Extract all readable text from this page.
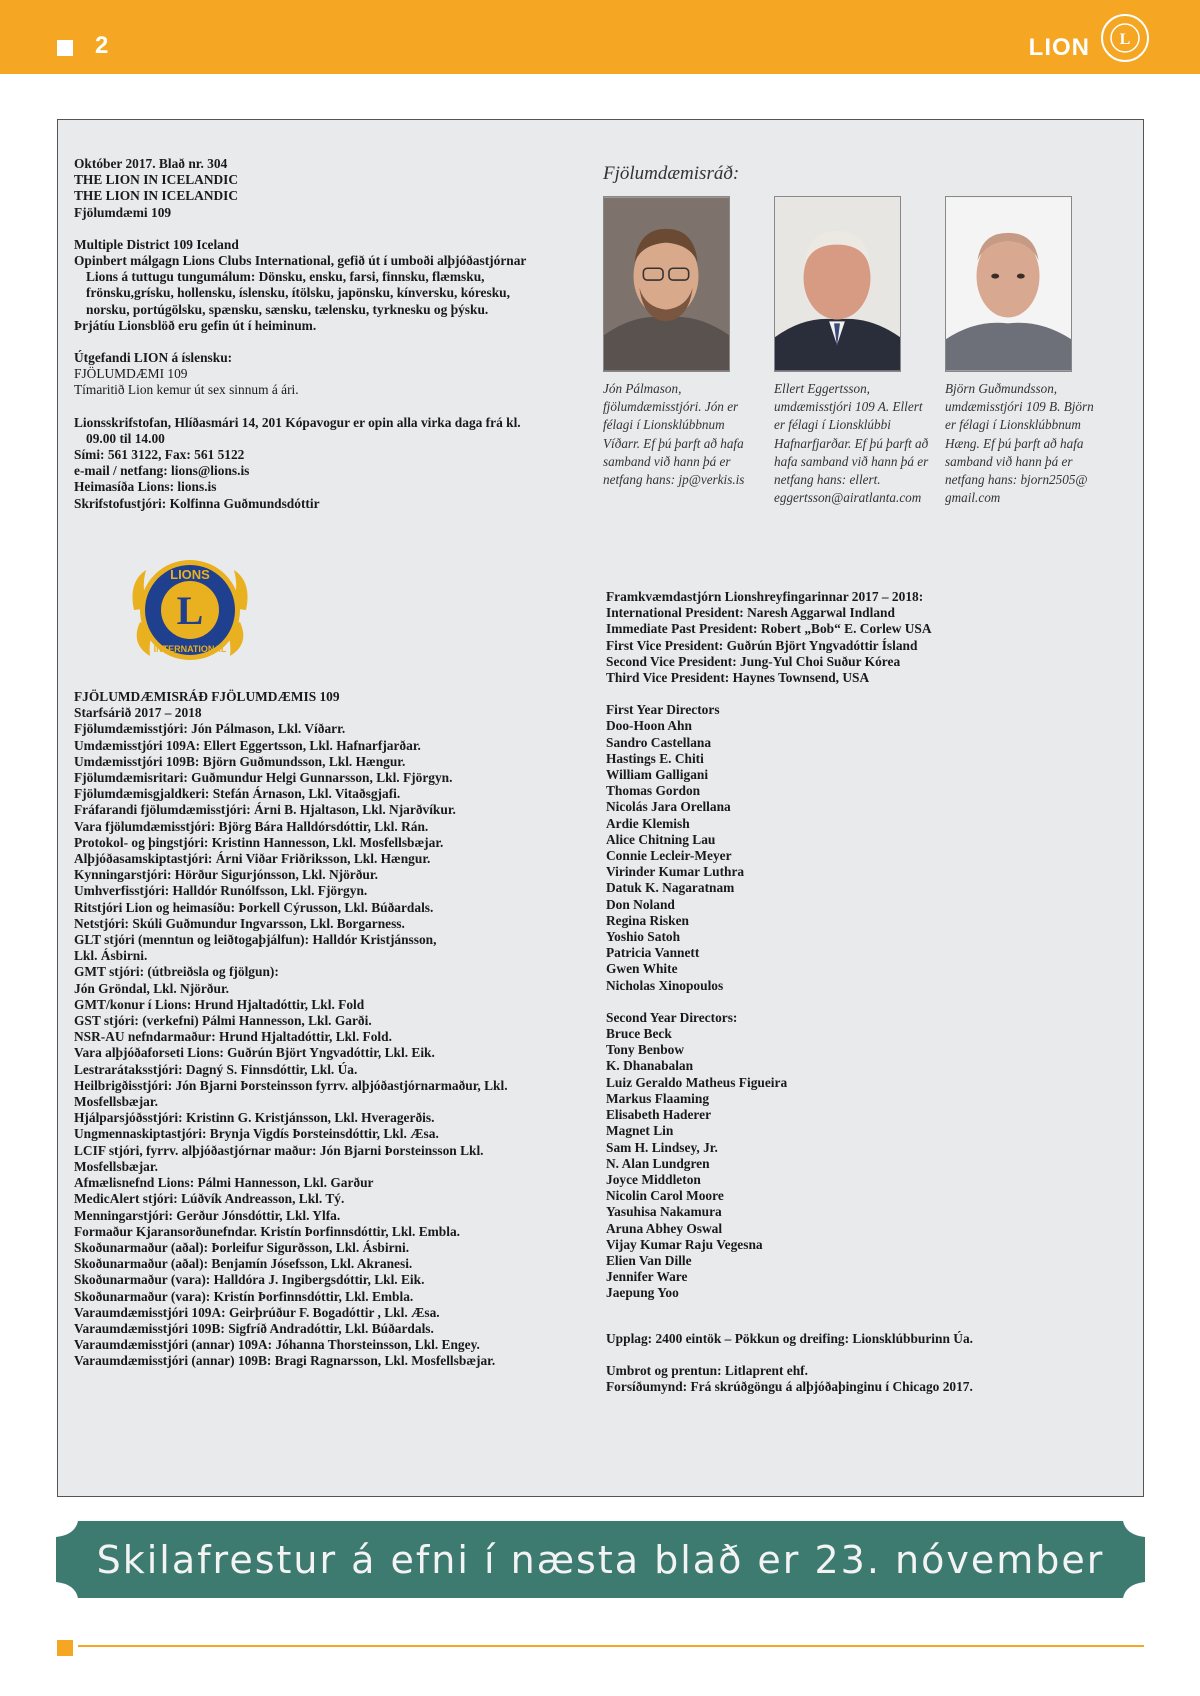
2	LION L
Október 2017. Blað nr. 304
THE LION IN ICELANDIC
THE LION IN ICELANDIC
Fjölumdæmi 109
Multiple District 109 Iceland
Opinbert málgagn Lions Clubs International, gefið út í umboði alþjóðastjórnar
Lions á tuttugu tungumálum: Dönsku, ensku, farsi, finnsku, flæmsku,
frönsku,grísku, hollensku, íslensku, ítölsku, japönsku, kínversku, kóresku,
norsku, portúgölsku, spænsku, sænsku, tælensku, tyrknesku og þýsku.
Þrjátíu Lionsblöð eru gefin út í heiminum.
Útgefandi LION á íslensku:
FJÖLUMDÆMI 109
Tímaritið Lion kemur út sex sinnum á ári.
Lionsskrifstofan, Hlíðasmári 14, 201 Kópavogur er opin alla virka daga frá kl.
09.00 til 14.00
Sími: 561 3122, Fax: 561 5122
e-mail / netfang: lions@lions.is
Heimasíða Lions: lions.is
Skrifstofustjóri: Kolfinna Guðmundsdóttir
Fjölumdæmisráð:
Jón Pálmason, fjölumdæmisstjóri. Jón er félagi í Lionsklúbbnum Víðarr. Ef þú þarft að hafa samband við hann þá er netfang hans: jp@verkis.is
Ellert Eggertsson, umdæmisstjóri 109 A. Ellert er félagi í Lionsklúbbi Hafnarfjarðar. Ef þú þarft að hafa samband við hann þá er netfang hans: ellert. eggertsson@airatlanta.com
Björn Guðmundsson, umdæmisstjóri 109 B. Björn er félagi í Lionsklúbbnum Hæng. Ef þú þarft að hafa samband við hann þá er netfang hans: bjorn2505@ gmail.com
L
LIONS
INTERNATIONAL
FJÖLUMDÆMISRÁÐ FJÖLUMDÆMIS 109
Starfsárið 2017 – 2018
Fjölumdæmisstjóri: Jón Pálmason, Lkl. Víðarr.
Umdæmisstjóri 109A: Ellert Eggertsson, Lkl. Hafnarfjarðar.
Umdæmisstjóri 109B: Björn Guðmundsson, Lkl. Hængur.
Fjölumdæmisritari: Guðmundur Helgi Gunnarsson, Lkl. Fjörgyn.
Fjölumdæmisgjaldkeri: Stefán Árnason, Lkl. Vitaðsgjafi.
Fráfarandi fjölumdæmisstjóri: Árni B. Hjaltason, Lkl. Njarðvíkur.
Vara fjölumdæmisstjóri: Björg Bára Halldórsdóttir, Lkl. Rán.
Protokol- og þingstjóri: Kristinn Hannesson, Lkl. Mosfellsbæjar.
Alþjóðasamskiptastjóri: Árni Viðar Friðriksson, Lkl. Hængur.
Kynningarstjóri: Hörður Sigurjónsson, Lkl. Njörður.
Umhverfisstjóri: Halldór Runólfsson, Lkl. Fjörgyn.
Ritstjóri Lion og heimasíðu: Þorkell Cýrusson, Lkl. Búðardals.
Netstjóri: Skúli Guðmundur Ingvarsson, Lkl. Borgarness.
GLT stjóri (menntun og leiðtogaþjálfun): Halldór Kristjánsson,
Lkl. Ásbirni.
GMT stjóri: (útbreiðsla og fjölgun):
Jón Gröndal, Lkl. Njörður.
GMT/konur í Lions: Hrund Hjaltadóttir, Lkl. Fold
GST stjóri: (verkefni) Pálmi Hannesson, Lkl. Garði.
NSR-AU nefndarmaður: Hrund Hjaltadóttir, Lkl. Fold.
Vara alþjóðaforseti Lions: Guðrún Björt Yngvadóttir, Lkl. Eik.
Lestrarátaksstjóri: Dagný S. Finnsdóttir, Lkl. Úa.
Heilbrigðisstjóri: Jón Bjarni Þorsteinsson fyrrv. alþjóðastjórnarmaður, Lkl.
Mosfellsbæjar.
Hjálparsjóðsstjóri: Kristinn G. Kristjánsson, Lkl. Hveragerðis.
Ungmennaskiptastjóri: Brynja Vigdís Þorsteinsdóttir, Lkl. Æsa.
LCIF stjóri, fyrrv. alþjóðastjórnar maður: Jón Bjarni Þorsteinsson Lkl.
Mosfellsbæjar.
Afmælisnefnd Lions: Pálmi Hannesson, Lkl. Garður
MedicAlert stjóri: Lúðvík Andreasson, Lkl. Tý.
Menningarstjóri: Gerður Jónsdóttir, Lkl. Ylfa.
Formaður Kjaransorðunefndar. Kristín Þorfinnsdóttir, Lkl. Embla.
Skoðunarmaður (aðal): Þorleifur Sigurðsson, Lkl. Ásbirni.
Skoðunarmaður (aðal): Benjamín Jósefsson, Lkl. Akranesi.
Skoðunarmaður (vara): Halldóra J. Ingibergsdóttir, Lkl. Eik.
Skoðunarmaður (vara): Kristín Þorfinnsdóttir, Lkl. Embla.
Varaumdæmisstjóri 109A: Geirþrúður F. Bogadóttir , Lkl. Æsa.
Varaumdæmisstjóri 109B: Sigfríð Andradóttir, Lkl. Búðardals.
Varaumdæmisstjóri (annar) 109A: Jóhanna Thorsteinsson, Lkl. Engey.
Varaumdæmisstjóri (annar) 109B: Bragi Ragnarsson, Lkl. Mosfellsbæjar.
Framkvæmdastjórn Lionshreyfingarinnar 2017 – 2018:
International President: Naresh Aggarwal Indland
Immediate Past President: Robert „Bob“ E. Corlew USA
First Vice President: Guðrún Björt Yngvadóttir Ísland
Second Vice President: Jung-Yul Choi Suður Kórea
Third Vice President: Haynes Townsend, USA
First Year Directors
Doo-Hoon Ahn
Sandro Castellana
Hastings E. Chiti
William Galligani
Thomas Gordon
Nicolás Jara Orellana
Ardie Klemish
Alice Chitning Lau
Connie Lecleir-Meyer
Virinder Kumar Luthra
Datuk K. Nagaratnam
Don Noland
Regina Risken
Yoshio Satoh
Patricia Vannett
Gwen White
Nicholas Xinopoulos
Second Year Directors:
Bruce Beck
Tony Benbow
K. Dhanabalan
Luiz Geraldo Matheus Figueira
Markus Flaaming
Elisabeth Haderer
Magnet Lin
Sam H. Lindsey, Jr.
N. Alan Lundgren
Joyce Middleton
Nicolin Carol Moore
Yasuhisa Nakamura
Aruna Abhey Oswal
Vijay Kumar Raju Vegesna
Elien Van Dille
Jennifer Ware
Jaepung Yoo
Upplag: 2400 eintök – Pökkun og dreifing: Lionsklúbburinn Úa.
Umbrot og prentun: Litlaprent ehf.
Forsíðumynd: Frá skrúðgöngu á alþjóðaþinginu í Chicago 2017.
Skilafrestur á efni í næsta blað er 23. nóvember
